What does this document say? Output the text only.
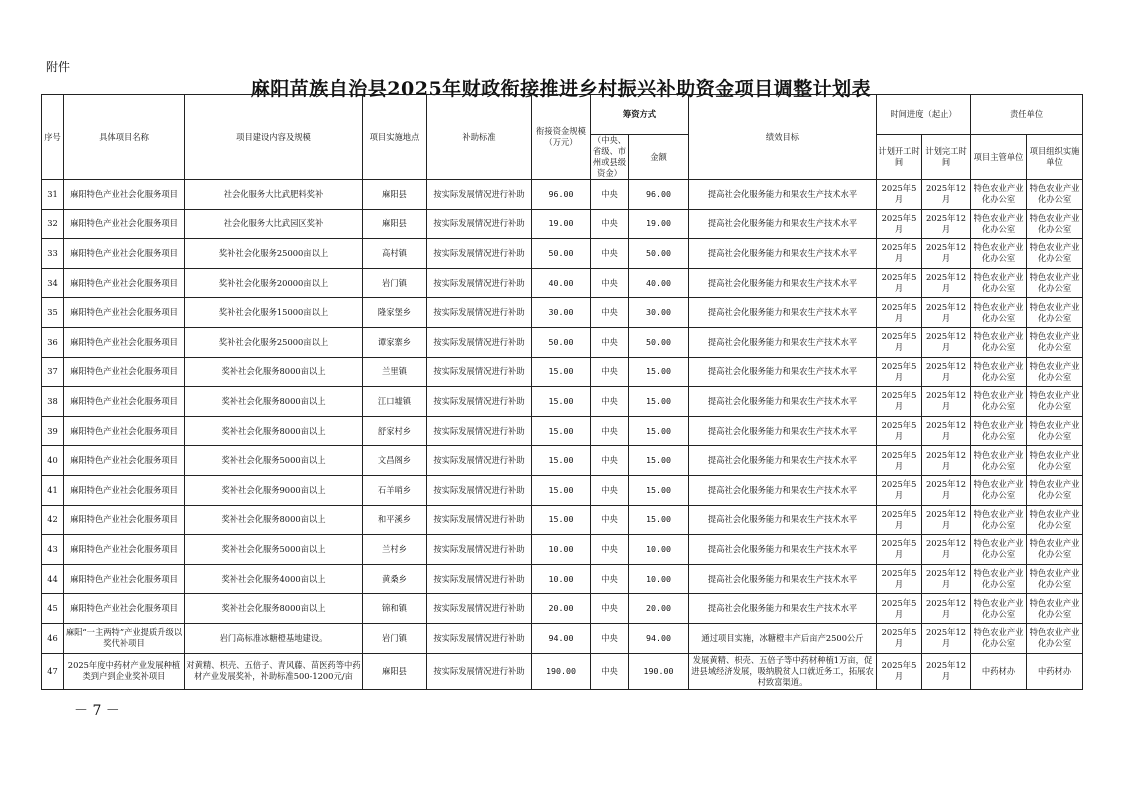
附件
麻阳苗族自治县2025年财政衔接推进乡村振兴补助资金项目调整计划表
序号	具体项目名称	项目建设内容及规模	项目实施地点	补助标准	衔接资金规模（万元）	筹资方式		绩效目标	时间进度（起止）		责任单位	
						（中央、省级、市州或县级资金）	金额		计划开工时间	计划完工时间	项目主管单位	项目组织实施单位
31	麻阳特色产业社会化服务项目	社会化服务大比武肥料奖补	麻阳县	按实际发展情况进行补助	96.00	中央	96.00	提高社会化服务能力和果农生产技术水平	2025年5月	2025年12月	特色农业产业化办公室	特色农业产业化办公室
32	麻阳特色产业社会化服务项目	社会化服务大比武园区奖补	麻阳县	按实际发展情况进行补助	19.00	中央	19.00	提高社会化服务能力和果农生产技术水平	2025年5月	2025年12月	特色农业产业化办公室	特色农业产业化办公室
33	麻阳特色产业社会化服务项目	奖补社会化服务25000亩以上	高村镇	按实际发展情况进行补助	50.00	中央	50.00	提高社会化服务能力和果农生产技术水平	2025年5月	2025年12月	特色农业产业化办公室	特色农业产业化办公室
34	麻阳特色产业社会化服务项目	奖补社会化服务20000亩以上	岩门镇	按实际发展情况进行补助	40.00	中央	40.00	提高社会化服务能力和果农生产技术水平	2025年5月	2025年12月	特色农业产业化办公室	特色农业产业化办公室
35	麻阳特色产业社会化服务项目	奖补社会化服务15000亩以上	隆家堡乡	按实际发展情况进行补助	30.00	中央	30.00	提高社会化服务能力和果农生产技术水平	2025年5月	2025年12月	特色农业产业化办公室	特色农业产业化办公室
36	麻阳特色产业社会化服务项目	奖补社会化服务25000亩以上	谭家寨乡	按实际发展情况进行补助	50.00	中央	50.00	提高社会化服务能力和果农生产技术水平	2025年5月	2025年12月	特色农业产业化办公室	特色农业产业化办公室
37	麻阳特色产业社会化服务项目	奖补社会化服务8000亩以上	兰里镇	按实际发展情况进行补助	15.00	中央	15.00	提高社会化服务能力和果农生产技术水平	2025年5月	2025年12月	特色农业产业化办公室	特色农业产业化办公室
38	麻阳特色产业社会化服务项目	奖补社会化服务8000亩以上	江口墟镇	按实际发展情况进行补助	15.00	中央	15.00	提高社会化服务能力和果农生产技术水平	2025年5月	2025年12月	特色农业产业化办公室	特色农业产业化办公室
39	麻阳特色产业社会化服务项目	奖补社会化服务8000亩以上	舒家村乡	按实际发展情况进行补助	15.00	中央	15.00	提高社会化服务能力和果农生产技术水平	2025年5月	2025年12月	特色农业产业化办公室	特色农业产业化办公室
40	麻阳特色产业社会化服务项目	奖补社会化服务5000亩以上	文昌阁乡	按实际发展情况进行补助	15.00	中央	15.00	提高社会化服务能力和果农生产技术水平	2025年5月	2025年12月	特色农业产业化办公室	特色农业产业化办公室
41	麻阳特色产业社会化服务项目	奖补社会化服务9000亩以上	石羊哨乡	按实际发展情况进行补助	15.00	中央	15.00	提高社会化服务能力和果农生产技术水平	2025年5月	2025年12月	特色农业产业化办公室	特色农业产业化办公室
42	麻阳特色产业社会化服务项目	奖补社会化服务8000亩以上	和平溪乡	按实际发展情况进行补助	15.00	中央	15.00	提高社会化服务能力和果农生产技术水平	2025年5月	2025年12月	特色农业产业化办公室	特色农业产业化办公室
43	麻阳特色产业社会化服务项目	奖补社会化服务5000亩以上	兰村乡	按实际发展情况进行补助	10.00	中央	10.00	提高社会化服务能力和果农生产技术水平	2025年5月	2025年12月	特色农业产业化办公室	特色农业产业化办公室
44	麻阳特色产业社会化服务项目	奖补社会化服务4000亩以上	黄桑乡	按实际发展情况进行补助	10.00	中央	10.00	提高社会化服务能力和果农生产技术水平	2025年5月	2025年12月	特色农业产业化办公室	特色农业产业化办公室
45	麻阳特色产业社会化服务项目	奖补社会化服务8000亩以上	锦和镇	按实际发展情况进行补助	20.00	中央	20.00	提高社会化服务能力和果农生产技术水平	2025年5月	2025年12月	特色农业产业化办公室	特色农业产业化办公室
46	麻阳“一主两特”产业提质升级以奖代补项目	岩门高标准冰糖橙基地建设。	岩门镇	按实际发展情况进行补助	94.00	中央	94.00	通过项目实施，冰糖橙丰产后亩产2500公斤	2025年5月	2025年12月	特色农业产业化办公室	特色农业产业化办公室
47	2025年度中药材产业发展种植类到户到企业奖补项目	对黄精、枳壳、五倍子、青风藤、苗医药等中药材产业发展奖补，补助标准500-1200元/亩	麻阳县	按实际发展情况进行补助	190.00	中央	190.00	发展黄精、枳壳、五倍子等中药材种植1万亩，促进县域经济发展，吸纳脱贫人口就近务工，拓展农村致富渠道。	2025年5月	2025年12月	中药材办	中药材办
－ 7 －
